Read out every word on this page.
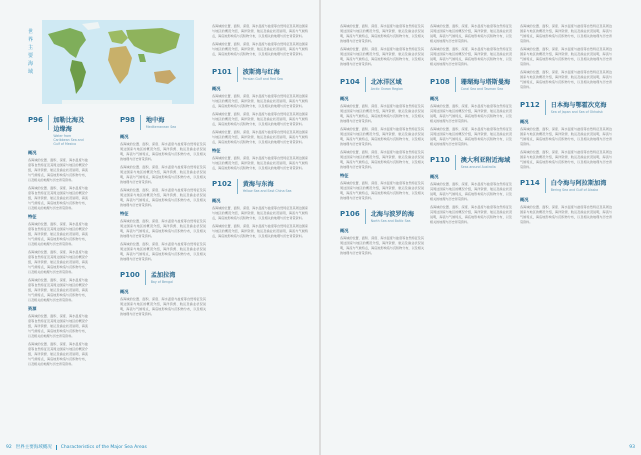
世界主要海域
P96 加勒比海及边缘海
Water from Caribbean Sea and Gulf of Mexico
概况
各海域的位置、面积、深度、海水温度与盐度等自然特征及其周边国家与地区的概况介绍，海洋资源、航运及渔业状况说明，海流与气候特点，海底地形构造与沉积物分布，以及相关的地理与历史背景资料。
各海域的位置、面积、深度、海水温度与盐度等自然特征及其周边国家与地区的概况介绍，海洋资源、航运及渔业状况说明，海流与气候特点，海底地形构造与沉积物分布，以及相关的地理与历史背景资料。
特征
各海域的位置、面积、深度、海水温度与盐度等自然特征及其周边国家与地区的概况介绍，海洋资源、航运及渔业状况说明，海流与气候特点，海底地形构造与沉积物分布，以及相关的地理与历史背景资料。
各海域的位置、面积、深度、海水温度与盐度等自然特征及其周边国家与地区的概况介绍，海洋资源、航运及渔业状况说明，海流与气候特点，海底地形构造与沉积物分布，以及相关的地理与历史背景资料。
各海域的位置、面积、深度、海水温度与盐度等自然特征及其周边国家与地区的概况介绍，海洋资源、航运及渔业状况说明，海流与气候特点，海底地形构造与沉积物分布，以及相关的地理与历史背景资料。
资源
各海域的位置、面积、深度、海水温度与盐度等自然特征及其周边国家与地区的概况介绍，海洋资源、航运及渔业状况说明，海流与气候特点，海底地形构造与沉积物分布，以及相关的地理与历史背景资料。
各海域的位置、面积、深度、海水温度与盐度等自然特征及其周边国家与地区的概况介绍，海洋资源、航运及渔业状况说明，海流与气候特点，海底地形构造与沉积物分布，以及相关的地理与历史背景资料。
P98 地中海
Mediterranean Sea
概况
各海域的位置、面积、深度、海水温度与盐度等自然特征及其周边国家与地区的概况介绍，海洋资源、航运及渔业状况说明，海流与气候特点，海底地形构造与沉积物分布，以及相关的地理与历史背景资料。
各海域的位置、面积、深度、海水温度与盐度等自然特征及其周边国家与地区的概况介绍，海洋资源、航运及渔业状况说明，海流与气候特点，海底地形构造与沉积物分布，以及相关的地理与历史背景资料。
各海域的位置、面积、深度、海水温度与盐度等自然特征及其周边国家与地区的概况介绍，海洋资源、航运及渔业状况说明，海流与气候特点，海底地形构造与沉积物分布，以及相关的地理与历史背景资料。
特征
各海域的位置、面积、深度、海水温度与盐度等自然特征及其周边国家与地区的概况介绍，海洋资源、航运及渔业状况说明，海流与气候特点，海底地形构造与沉积物分布，以及相关的地理与历史背景资料。
各海域的位置、面积、深度、海水温度与盐度等自然特征及其周边国家与地区的概况介绍，海洋资源、航运及渔业状况说明，海流与气候特点，海底地形构造与沉积物分布，以及相关的地理与历史背景资料。
P100 孟加拉湾
Bay of Bengal
概况
各海域的位置、面积、深度、海水温度与盐度等自然特征及其周边国家与地区的概况介绍，海洋资源、航运及渔业状况说明，海流与气候特点，海底地形构造与沉积物分布，以及相关的地理与历史背景资料。
各海域的位置、面积、深度、海水温度与盐度等自然特征及其周边国家与地区的概况介绍，海洋资源、航运及渔业状况说明，海流与气候特点，海底地形构造与沉积物分布，以及相关的地理与历史背景资料。
各海域的位置、面积、深度、海水温度与盐度等自然特征及其周边国家与地区的概况介绍，海洋资源、航运及渔业状况说明，海流与气候特点，海底地形构造与沉积物分布，以及相关的地理与历史背景资料。
P101 波斯湾与红海
Persian Gulf and Red Sea
概况
各海域的位置、面积、深度、海水温度与盐度等自然特征及其周边国家与地区的概况介绍，海洋资源、航运及渔业状况说明，海流与气候特点，海底地形构造与沉积物分布，以及相关的地理与历史背景资料。
各海域的位置、面积、深度、海水温度与盐度等自然特征及其周边国家与地区的概况介绍，海洋资源、航运及渔业状况说明，海流与气候特点，海底地形构造与沉积物分布，以及相关的地理与历史背景资料。
各海域的位置、面积、深度、海水温度与盐度等自然特征及其周边国家与地区的概况介绍，海洋资源、航运及渔业状况说明，海流与气候特点，海底地形构造与沉积物分布，以及相关的地理与历史背景资料。
特征
各海域的位置、面积、深度、海水温度与盐度等自然特征及其周边国家与地区的概况介绍，海洋资源、航运及渔业状况说明，海流与气候特点，海底地形构造与沉积物分布，以及相关的地理与历史背景资料。
P102 黄海与东海
Yellow Sea and East China Sea
概况
各海域的位置、面积、深度、海水温度与盐度等自然特征及其周边国家与地区的概况介绍，海洋资源、航运及渔业状况说明，海流与气候特点，海底地形构造与沉积物分布，以及相关的地理与历史背景资料。
各海域的位置、面积、深度、海水温度与盐度等自然特征及其周边国家与地区的概况介绍，海洋资源、航运及渔业状况说明，海流与气候特点，海底地形构造与沉积物分布，以及相关的地理与历史背景资料。
各海域的位置、面积、深度、海水温度与盐度等自然特征及其周边国家与地区的概况介绍，海洋资源、航运及渔业状况说明，海流与气候特点，海底地形构造与沉积物分布，以及相关的地理与历史背景资料。
各海域的位置、面积、深度、海水温度与盐度等自然特征及其周边国家与地区的概况介绍，海洋资源、航运及渔业状况说明，海流与气候特点，海底地形构造与沉积物分布，以及相关的地理与历史背景资料。
P104 北冰洋区域
Arctic Ocean Region
概况
各海域的位置、面积、深度、海水温度与盐度等自然特征及其周边国家与地区的概况介绍，海洋资源、航运及渔业状况说明，海流与气候特点，海底地形构造与沉积物分布，以及相关的地理与历史背景资料。
各海域的位置、面积、深度、海水温度与盐度等自然特征及其周边国家与地区的概况介绍，海洋资源、航运及渔业状况说明，海流与气候特点，海底地形构造与沉积物分布，以及相关的地理与历史背景资料。
各海域的位置、面积、深度、海水温度与盐度等自然特征及其周边国家与地区的概况介绍，海洋资源、航运及渔业状况说明，海流与气候特点，海底地形构造与沉积物分布，以及相关的地理与历史背景资料。
特征
各海域的位置、面积、深度、海水温度与盐度等自然特征及其周边国家与地区的概况介绍，海洋资源、航运及渔业状况说明，海流与气候特点，海底地形构造与沉积物分布，以及相关的地理与历史背景资料。
P106 北海与波罗的海
North Sea and Baltic Sea
概况
各海域的位置、面积、深度、海水温度与盐度等自然特征及其周边国家与地区的概况介绍，海洋资源、航运及渔业状况说明，海流与气候特点，海底地形构造与沉积物分布，以及相关的地理与历史背景资料。
各海域的位置、面积、深度、海水温度与盐度等自然特征及其周边国家与地区的概况介绍，海洋资源、航运及渔业状况说明，海流与气候特点，海底地形构造与沉积物分布，以及相关的地理与历史背景资料。
各海域的位置、面积、深度、海水温度与盐度等自然特征及其周边国家与地区的概况介绍，海洋资源、航运及渔业状况说明，海流与气候特点，海底地形构造与沉积物分布，以及相关的地理与历史背景资料。
P108 珊瑚海与塔斯曼海
Coral Sea and Tasman Sea
概况
各海域的位置、面积、深度、海水温度与盐度等自然特征及其周边国家与地区的概况介绍，海洋资源、航运及渔业状况说明，海流与气候特点，海底地形构造与沉积物分布，以及相关的地理与历史背景资料。
各海域的位置、面积、深度、海水温度与盐度等自然特征及其周边国家与地区的概况介绍，海洋资源、航运及渔业状况说明，海流与气候特点，海底地形构造与沉积物分布，以及相关的地理与历史背景资料。
P110 澳大利亚附近海域
Seas around Australia
概况
各海域的位置、面积、深度、海水温度与盐度等自然特征及其周边国家与地区的概况介绍，海洋资源、航运及渔业状况说明，海流与气候特点，海底地形构造与沉积物分布，以及相关的地理与历史背景资料。
各海域的位置、面积、深度、海水温度与盐度等自然特征及其周边国家与地区的概况介绍，海洋资源、航运及渔业状况说明，海流与气候特点，海底地形构造与沉积物分布，以及相关的地理与历史背景资料。
各海域的位置、面积、深度、海水温度与盐度等自然特征及其周边国家与地区的概况介绍，海洋资源、航运及渔业状况说明，海流与气候特点，海底地形构造与沉积物分布，以及相关的地理与历史背景资料。
各海域的位置、面积、深度、海水温度与盐度等自然特征及其周边国家与地区的概况介绍，海洋资源、航运及渔业状况说明，海流与气候特点，海底地形构造与沉积物分布，以及相关的地理与历史背景资料。
各海域的位置、面积、深度、海水温度与盐度等自然特征及其周边国家与地区的概况介绍，海洋资源、航运及渔业状况说明，海流与气候特点，海底地形构造与沉积物分布，以及相关的地理与历史背景资料。
P112 日本海与鄂霍次克海
Sea of Japan and Sea of Okhotsk
概况
各海域的位置、面积、深度、海水温度与盐度等自然特征及其周边国家与地区的概况介绍，海洋资源、航运及渔业状况说明，海流与气候特点，海底地形构造与沉积物分布，以及相关的地理与历史背景资料。
各海域的位置、面积、深度、海水温度与盐度等自然特征及其周边国家与地区的概况介绍，海洋资源、航运及渔业状况说明，海流与气候特点，海底地形构造与沉积物分布，以及相关的地理与历史背景资料。
P114 白令海与阿拉斯加湾
Bering Sea and Gulf of Alaska
概况
各海域的位置、面积、深度、海水温度与盐度等自然特征及其周边国家与地区的概况介绍，海洋资源、航运及渔业状况说明，海流与气候特点，海底地形构造与沉积物分布，以及相关的地理与历史背景资料。
92 世界主要海域概况 Characteristics of the Major Sea Areas	93
